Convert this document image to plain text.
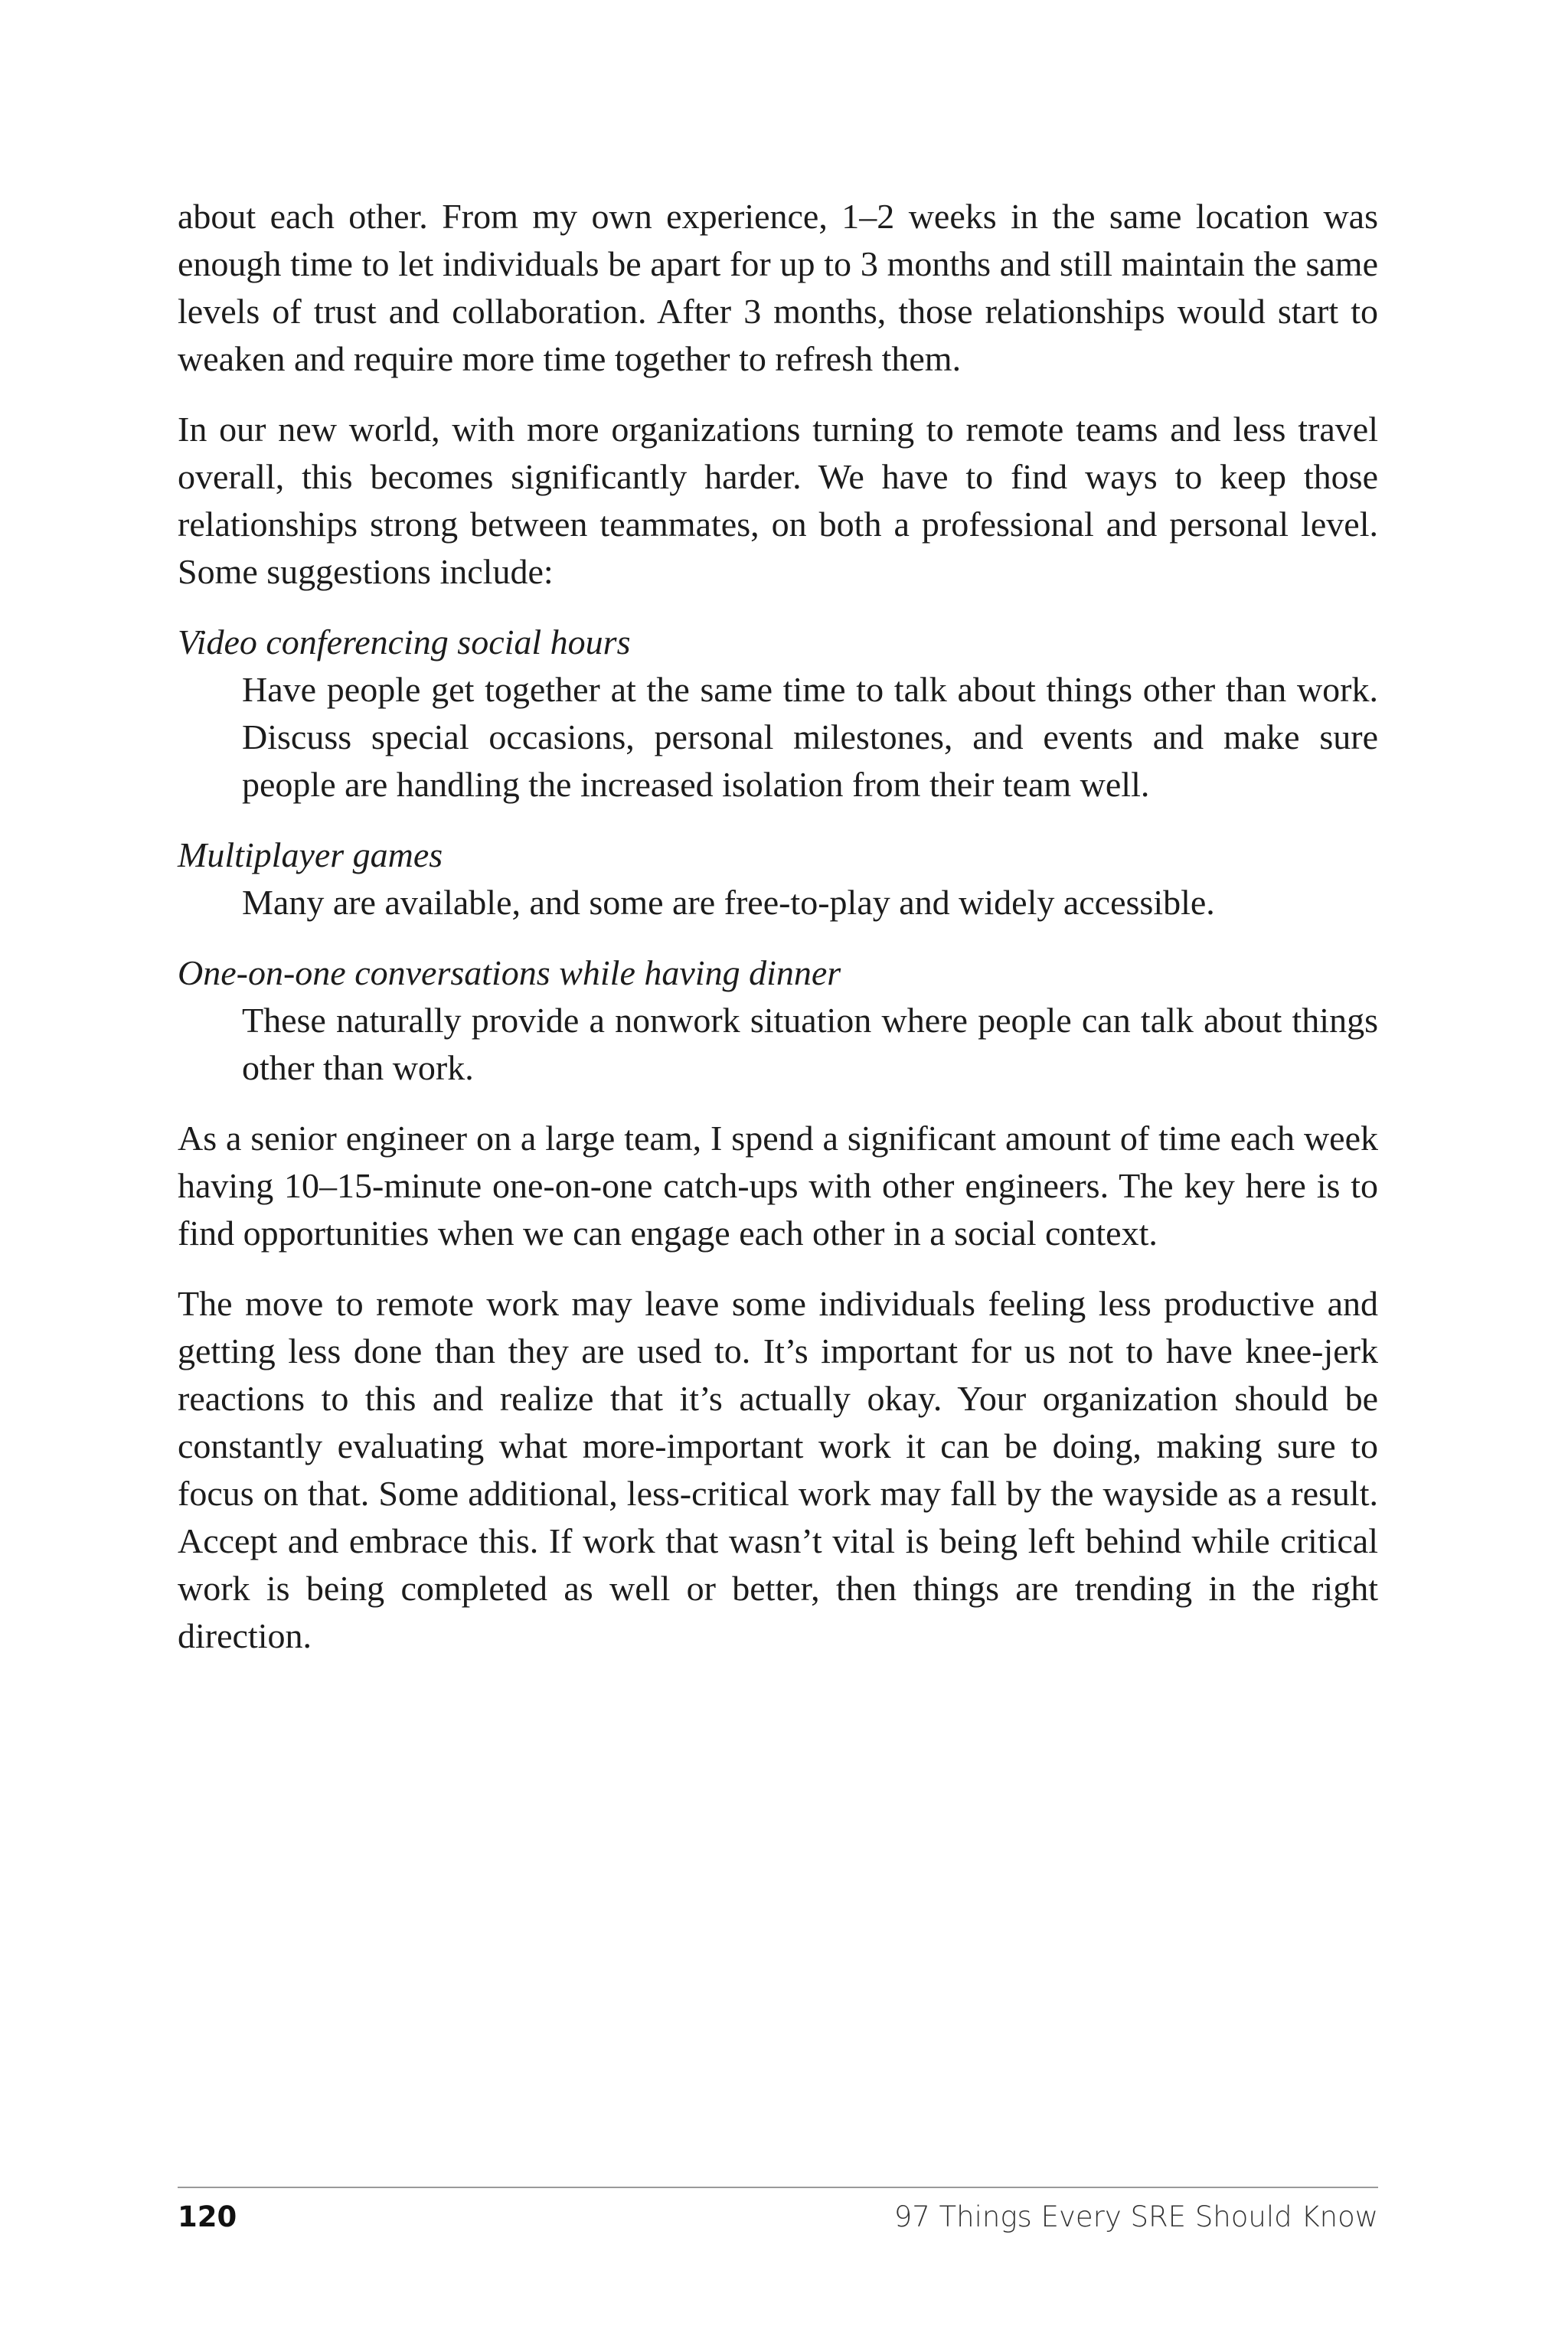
about each other. From my own experience, 1–2 weeks in the same location was enough time to let individuals be apart for up to 3 months and still maintain the same levels of trust and collaboration. After 3 months, those relationships would start to weaken and require more time together to refresh them.

In our new world, with more organizations turning to remote teams and less travel overall, this becomes significantly harder. We have to find ways to keep those relationships strong between teammates, on both a professional and personal level. Some suggestions include:

Video conferencing social hours

Have people get together at the same time to talk about things other than work. Discuss special occasions, personal milestones, and events and make sure people are handling the increased isolation from their team well.

Multiplayer games

Many are available, and some are free-to-play and widely accessible.

One-on-one conversations while having dinner

These naturally provide a nonwork situation where people can talk about things other than work.

As a senior engineer on a large team, I spend a significant amount of time each week having 10–15-minute one-on-one catch-ups with other engineers. The key here is to find opportunities when we can engage each other in a social context.

The move to remote work may leave some individuals feeling less productive and getting less done than they are used to. It’s important for us not to have knee-jerk reactions to this and realize that it’s actually okay. Your organization should be constantly evaluating what more-important work it can be doing, making sure to focus on that. Some additional, less-critical work may fall by the wayside as a result. Accept and embrace this. If work that wasn’t vital is being left behind while critical work is being completed as well or better, then things are trending in the right direction.

120	97 Things Every SRE Should Know
